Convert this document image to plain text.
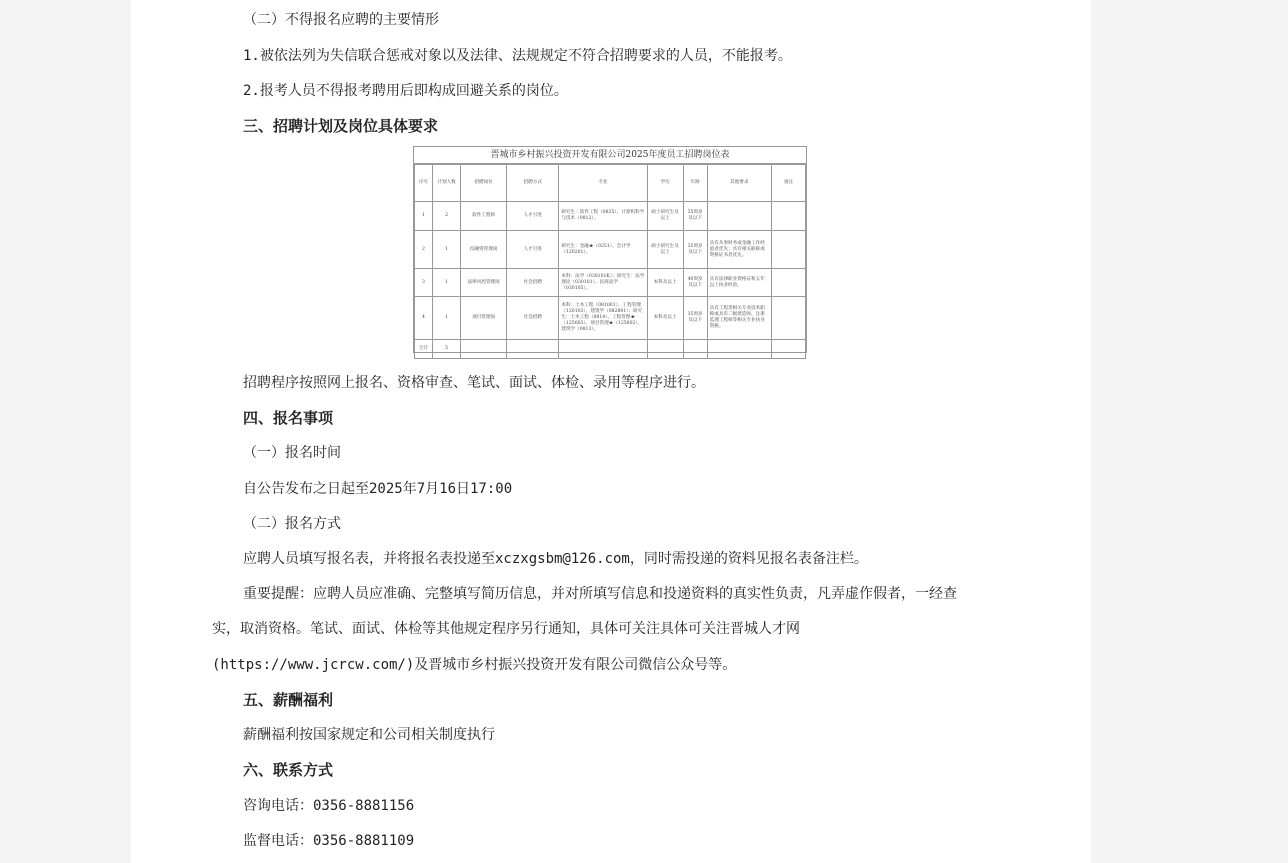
（二）不得报名应聘的主要情形
1.被依法列为失信联合惩戒对象以及法律、法规规定不符合招聘要求的人员，不能报考。
2.报考人员不得报考聘用后即构成回避关系的岗位。
三、招聘计划及岗位具体要求
晋城市乡村振兴投资开发有限公司2025年度员工招聘岗位表
序号	计划人数	招聘岗位	招聘方式	专业	学历	年龄	其他要求	备注
1	2	软件工程师	人才引进	研究生：软件工程（0835）、计算机科学与技术（0812）。	硕士研究生及以上	35周岁及以下		
2	1	投融资管理岗	人才引进	研究生：金融★（0251）、会计学（120201）。	硕士研究生及以上	35周岁及以下	具有从事财务或金融工作经验者优先；具有相关职称或资格证书者优先。	
3	1	法律风控管理岗	社会招聘	本科：法学（030101K）；研究生：法学理论（030101）、民商法学（030105）。	本科及以上	40周岁及以下	具有法律职业资格证和五年以上执业经验。	
4	1	项目管理岗	社会招聘	本科：土木工程（081001）、工程管理（120103）、建筑学（082801）；研究生：土木工程（0814）、工程管理★（125603）、项目管理★（125602）、建筑学（0813）。	本科及以上	35周岁及以下	具有工程类相关专业技术职称或具有二级建造师、注册监理工程师等相关专业执业资格。	
合计	5							
招聘程序按照网上报名、资格审查、笔试、面试、体检、录用等程序进行。
四、报名事项
（一）报名时间
自公告发布之日起至2025年7月16日17:00
（二）报名方式
应聘人员填写报名表，并将报名表投递至xczxgsbm@126.com，同时需投递的资料见报名表备注栏。
重要提醒：应聘人员应准确、完整填写简历信息，并对所填写信息和投递资料的真实性负责，凡弄虚作假者，一经查
实，取消资格。笔试、面试、体检等其他规定程序另行通知，具体可关注具体可关注晋城人才网
(https://www.jcrcw.com/)及晋城市乡村振兴投资开发有限公司微信公众号等。
五、薪酬福利
薪酬福利按国家规定和公司相关制度执行
六、联系方式
咨询电话：0356-8881156
监督电话：0356-8881109
